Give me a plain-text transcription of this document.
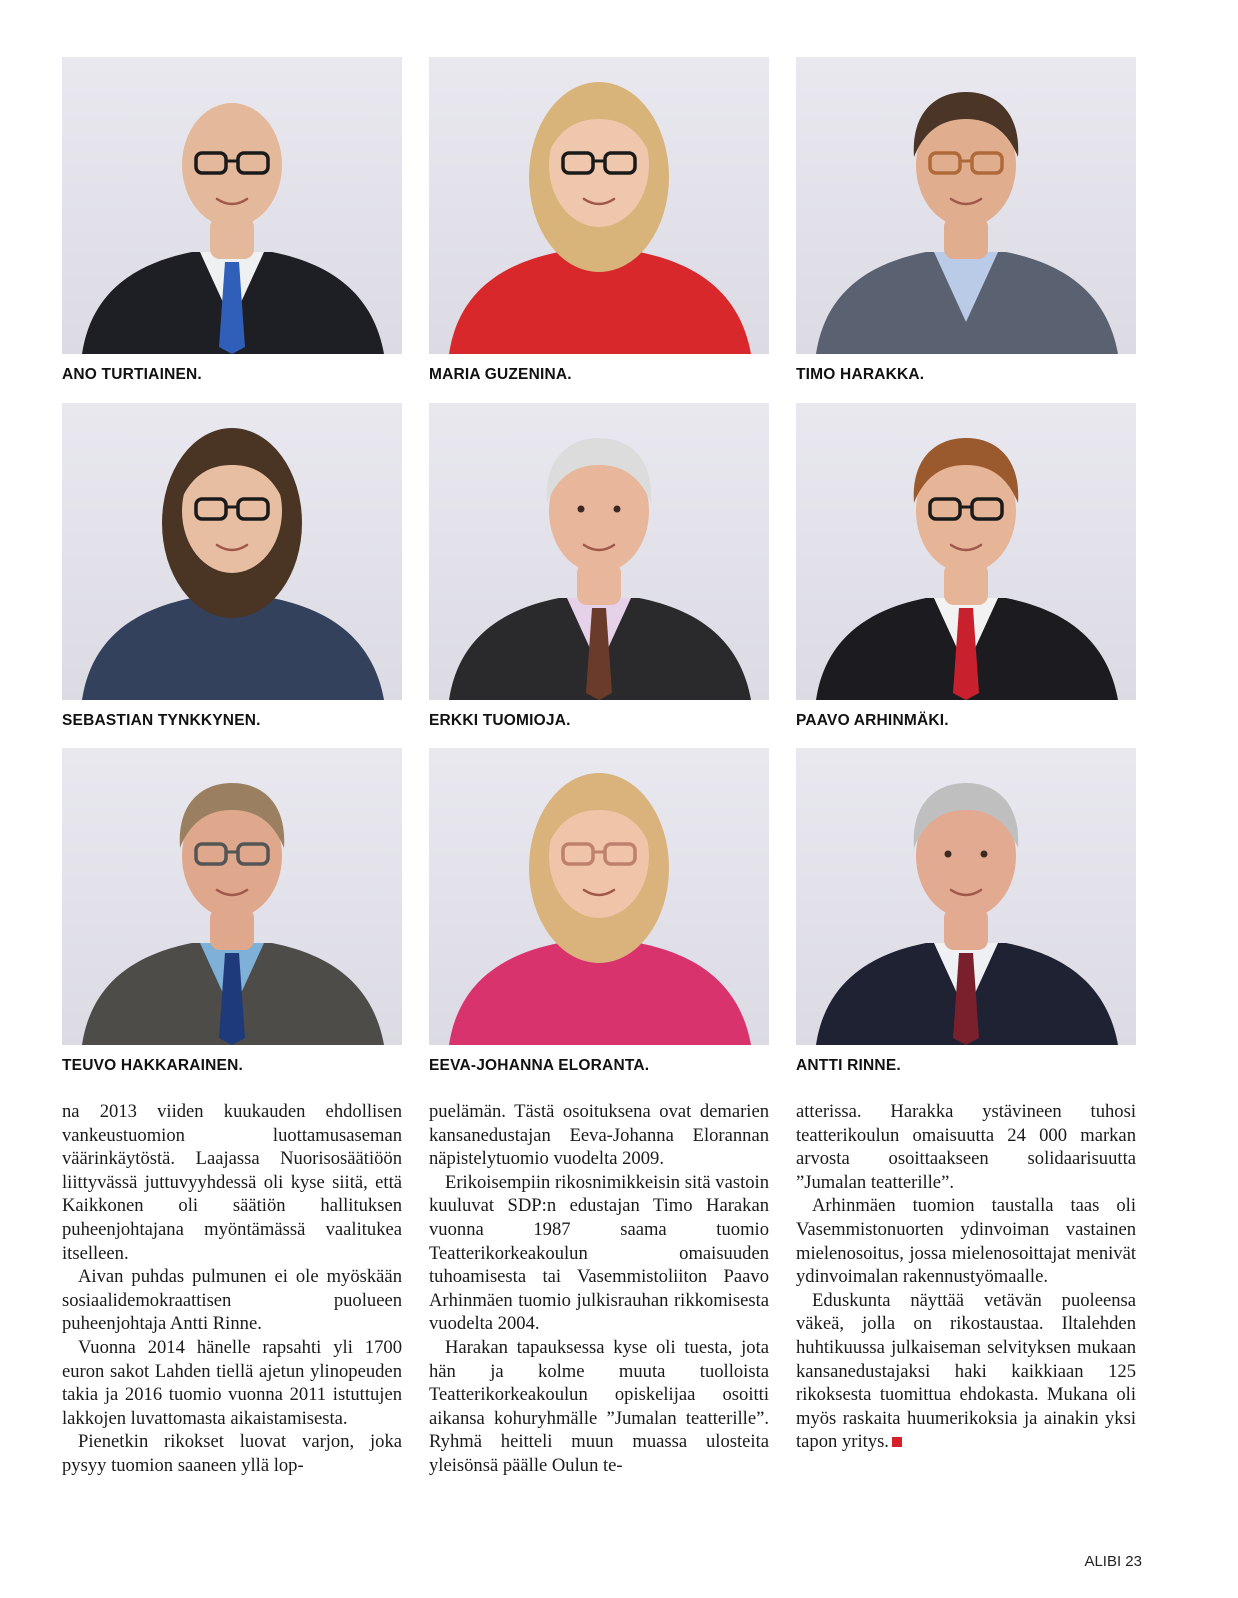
ANO TURTIAINEN.	MARIA GUZENINA.	TIMO HARAKKA.
SEBASTIAN TYNKKYNEN.	ERKKI TUOMIOJA.	PAAVO ARHINMÄKI.
TEUVO HAKKARAINEN.	EEVA-JOHANNA ELORANTA.	ANTTI RINNE.

na 2013 viiden kuukauden ehdollisen vankeustuomion luottamusaseman väärinkäytöstä. Laajassa Nuorisosäätiöön liittyvässä juttuvyyhdessä oli kyse siitä, että Kaikkonen oli säätiön hallituksen puheenjohtajana myöntämässä vaalitukea itselleen.

Aivan puhdas pulmunen ei ole myöskään sosiaalidemokraattisen puolueen puheenjohtaja Antti Rinne.

Vuonna 2014 hänelle rapsahti yli 1700 euron sakot Lahden tiellä ajetun ylinopeuden takia ja 2016 tuomio vuonna 2011 istuttujen lakkojen luvattomasta aikaistamisesta.

Pienetkin rikokset luovat varjon, joka pysyy tuomion saaneen yllä lop-

puelämän. Tästä osoituksena ovat demarien kansanedustajan Eeva-Johanna Elorannan näpistelytuomio vuodelta 2009.

Erikoisempiin rikosnimikkeisin sitä vastoin kuuluvat SDP:n edustajan Timo Harakan vuonna 1987 saama tuomio Teatterikorkeakoulun omaisuuden tuhoamisesta tai Vasemmistoliiton Paavo Arhinmäen tuomio julkisrauhan rikkomisesta vuodelta 2004.

Harakan tapauksessa kyse oli tuesta, jota hän ja kolme muuta tuolloista Teatterikorkeakoulun opiskelijaa osoitti aikansa kohuryhmälle ”Jumalan teatterille”. Ryhmä heitteli muun muassa ulosteita yleisönsä päälle Oulun te-

atterissa. Harakka ystävineen tuhosi teatterikoulun omaisuutta 24 000 markan arvosta osoittaakseen solidaarisuutta ”Jumalan teatterille”.

Arhinmäen tuomion taustalla taas oli Vasemmistonuorten ydinvoiman vastainen mielenosoitus, jossa mielenosoittajat menivät ydinvoimalan rakennustyömaalle.

Eduskunta näyttää vetävän puoleensa väkeä, jolla on rikostaustaa. Iltalehden huhtikuussa julkaiseman selvityksen mukaan kansanedustajaksi haki kaikkiaan 125 rikoksesta tuomittua ehdokasta. Mukana oli myös raskaita huumerikoksia ja ainakin yksi tapon yritys.

ALIBI 23
